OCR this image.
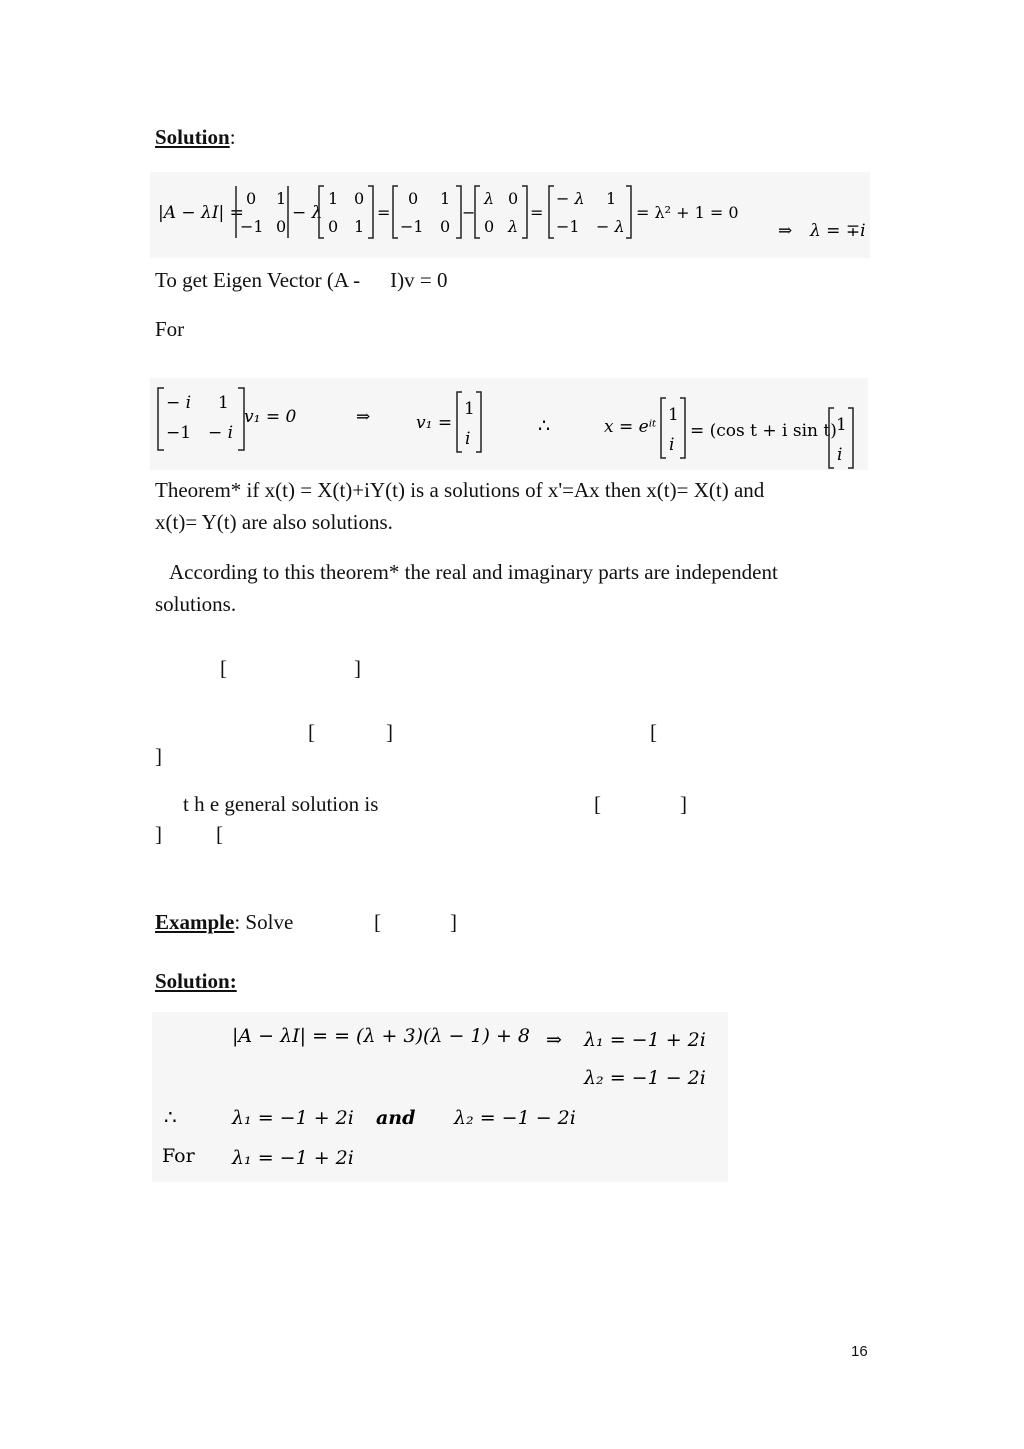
Solution:
|A − λI| =
0 1
−1 0
− λ
1 0
0 1
=
0 1
−1 0
−
λ 0
0 λ
=
− λ 1
−1 − λ
= λ² + 1 = 0
⇒ λ = ∓i
To get Eigen Vector (A - I)v = 0
For
− i 1
−1 − i
v₁ = 0	⇒	v₁ =
1
i
∴	x = eⁱᵗ
1
i
= (cos t + i sin t) 1
i
Theorem* if x(t) = X(t)+iY(t) is a solutions of x'=Ax then x(t)= X(t) and
x(t)= Y(t) are also solutions.
According to this theorem* the real and imaginary parts are independent
solutions.
[	]
[	]	[
]
t h e general solution is	[	]
]	[
Example: Solve	[	]
Solution:
|A − λI| = = (λ + 3)(λ − 1) + 8 ⇒ λ₁ = −1 + 2i
λ₂ = −1 − 2i
∴	λ₁ = −1 + 2i and λ₂ = −1 − 2i
For λ₁ = −1 + 2i
16
